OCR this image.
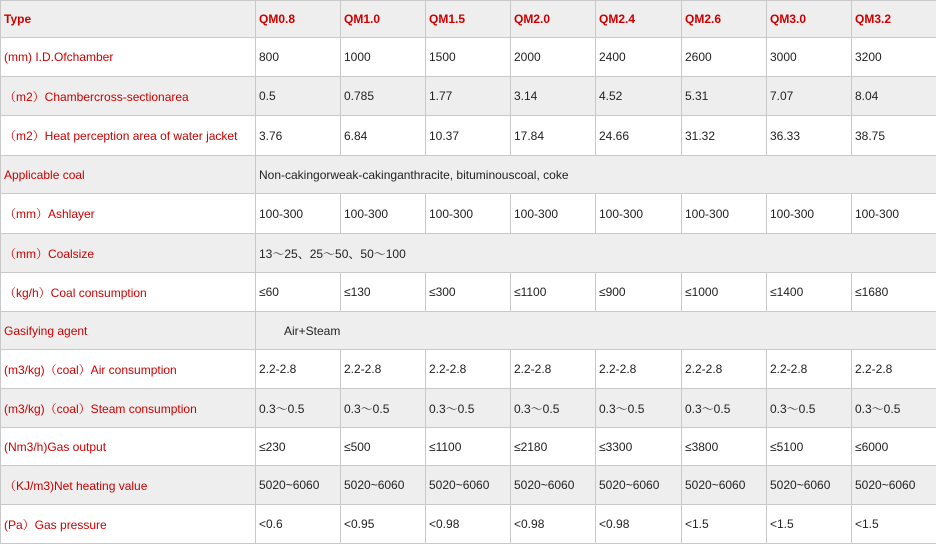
Type	QM0.8	QM1.0	QM1.5	QM2.0	QM2.4	QM2.6	QM3.0	QM3.2
(mm) I.D.Ofchamber	800	1000	1500	2000	2400	2600	3000	3200
（m2）Chambercross-sectionarea	0.5	0.785	1.77	3.14	4.52	5.31	7.07	8.04
（m2）Heat perception area of water jacket	3.76	6.84	10.37	17.84	24.66	31.32	36.33	38.75
Applicable coal	Non-cakingorweak-cakinganthracite, bituminouscoal, coke							
（mm）Ashlayer	100-300	100-300	100-300	100-300	100-300	100-300	100-300	100-300
（mm）Coalsize	13～25、25～50、50～100							
（kg/h）Coal consumption	≤60	≤130	≤300	≤1100	≤900	≤1000	≤1400	≤1680
Gasifying agent	Air+Steam							
(m3/kg)（coal）Air consumption	2.2-2.8	2.2-2.8	2.2-2.8	2.2-2.8	2.2-2.8	2.2-2.8	2.2-2.8	2.2-2.8
(m3/kg)（coal）Steam consumption	0.3～0.5	0.3～0.5	0.3～0.5	0.3～0.5	0.3～0.5	0.3～0.5	0.3～0.5	0.3～0.5
(Nm3/h)Gas output	≤230	≤500	≤1100	≤2180	≤3300	≤3800	≤5100	≤6000
（KJ/m3)Net heating value	5020~6060	5020~6060	5020~6060	5020~6060	5020~6060	5020~6060	5020~6060	5020~6060
(Pa）Gas pressure	<0.6	<0.95	<0.98	<0.98	<0.98	<1.5	<1.5	<1.5
